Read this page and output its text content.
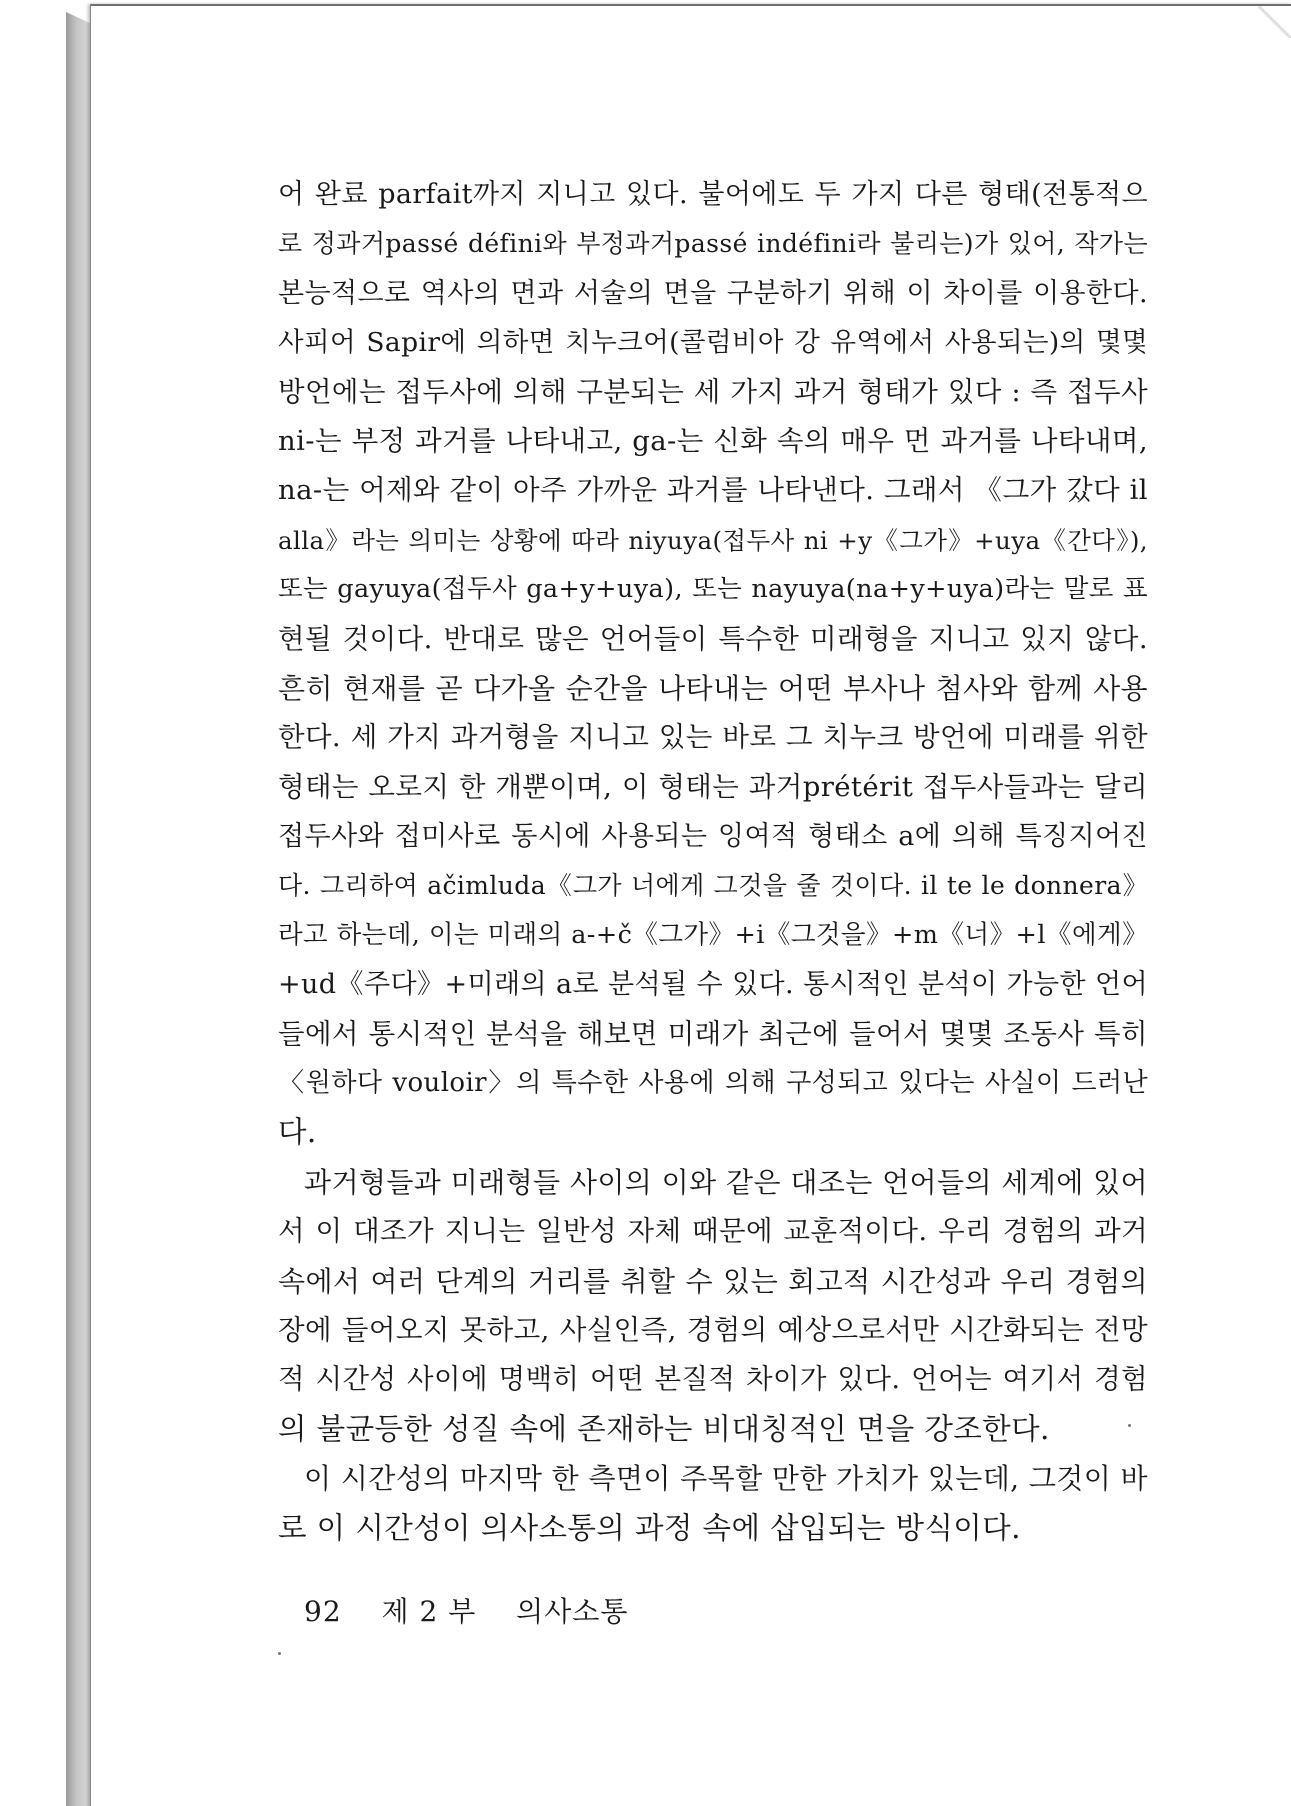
어 완료 parfait까지 지니고 있다. 불어에도 두 가지 다른 형태(전통적으
로 정과거passé défini와 부정과거passé indéfini라 불리는)가 있어, 작가는
본능적으로 역사의 면과 서술의 면을 구분하기 위해 이 차이를 이용한다.
사피어 Sapir에 의하면 치누크어(콜럼비아 강 유역에서 사용되는)의 몇몇
방언에는 접두사에 의해 구분되는 세 가지 과거 형태가 있다 : 즉 접두사
ni-는 부정 과거를 나타내고, ga-는 신화 속의 매우 먼 과거를 나타내며,
na-는 어제와 같이 아주 가까운 과거를 나타낸다. 그래서 《그가 갔다 il
alla》라는 의미는 상황에 따라 niyuya(접두사 ni +y《그가》+uya《간다》),
또는 gayuya(접두사 ga+y+uya), 또는 nayuya(na+y+uya)라는 말로 표
현될 것이다. 반대로 많은 언어들이 특수한 미래형을 지니고 있지 않다.
흔히 현재를 곧 다가올 순간을 나타내는 어떤 부사나 첨사와 함께 사용
한다. 세 가지 과거형을 지니고 있는 바로 그 치누크 방언에 미래를 위한
형태는 오로지 한 개뿐이며, 이 형태는 과거prétérit 접두사들과는 달리
접두사와 접미사로 동시에 사용되는 잉여적 형태소 a에 의해 특징지어진
다. 그리하여 ačimluda《그가 너에게 그것을 줄 것이다. il te le donnera》
라고 하는데, 이는 미래의 a-+č《그가》+i《그것을》+m《너》+l《에게》
+ud《주다》+미래의 a로 분석될 수 있다. 통시적인 분석이 가능한 언어
들에서 통시적인 분석을 해보면 미래가 최근에 들어서 몇몇 조동사 특히
〈원하다 vouloir〉의 특수한 사용에 의해 구성되고 있다는 사실이 드러난
다.
과거형들과 미래형들 사이의 이와 같은 대조는 언어들의 세계에 있어
서 이 대조가 지니는 일반성 자체 때문에 교훈적이다. 우리 경험의 과거
속에서 여러 단계의 거리를 취할 수 있는 회고적 시간성과 우리 경험의
장에 들어오지 못하고, 사실인즉, 경험의 예상으로서만 시간화되는 전망
적 시간성 사이에 명백히 어떤 본질적 차이가 있다. 언어는 여기서 경험
의 불균등한 성질 속에 존재하는 비대칭적인 면을 강조한다.
이 시간성의 마지막 한 측면이 주목할 만한 가치가 있는데, 그것이 바
로 이 시간성이 의사소통의 과정 속에 삽입되는 방식이다.
92 제 2 부 의사소통
